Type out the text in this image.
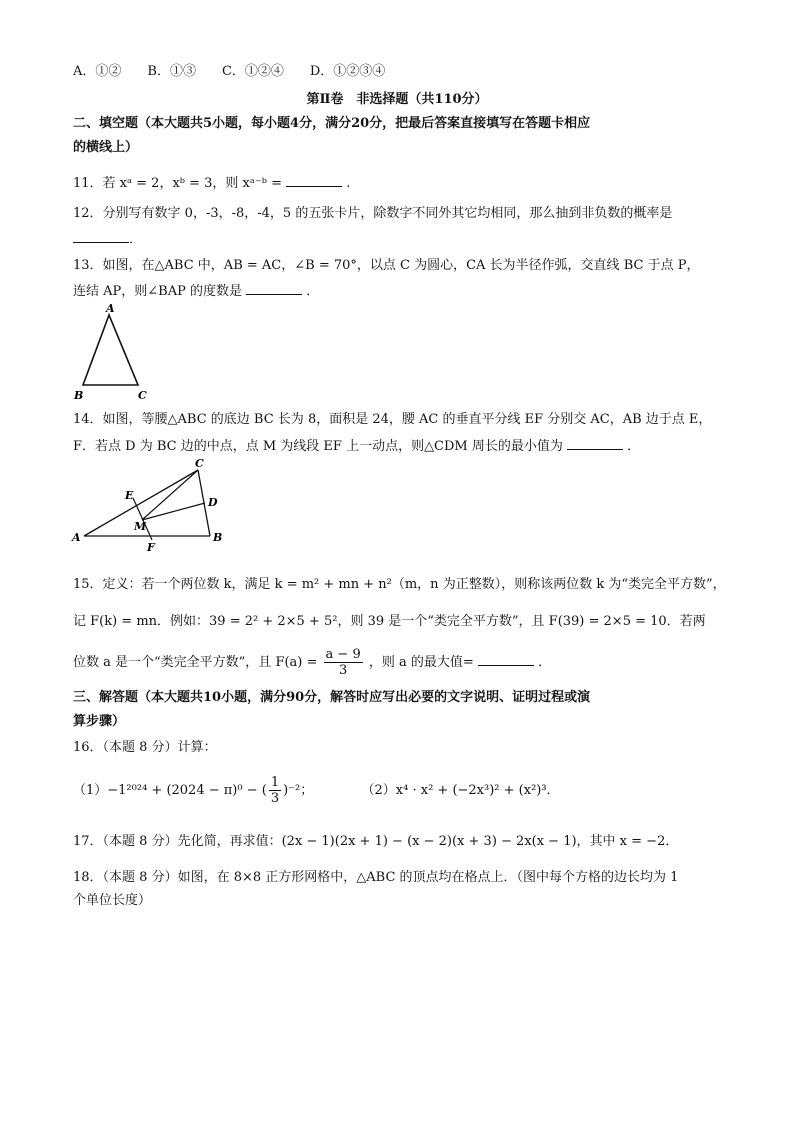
A．①②　　B．①③　　C．①②④　　D．①②③④
第Ⅱ卷　非选择题（共110分）
二、填空题（本大题共5小题，每小题4分，满分20分，把最后答案直接填写在答题卡相应
的横线上）
11．若 xᵃ = 2，xᵇ = 3，则 xᵃ⁻ᵇ =	.
12．分别写有数字 0，-3，-8，-4，5 的五张卡片，除数字不同外其它均相同，那么抽到非负数的概率是
．
13．如图，在△ABC 中，AB = AC，∠B = 70°，以点 C 为圆心，CA 长为半径作弧，交直线 BC 于点 P，
连结 AP，则∠BAP 的度数是	．
A
B	C
14．如图，等腰△ABC 的底边 BC 长为 8，面积是 24，腰 AC 的垂直平分线 EF 分别交 AC，AB 边于点 E，
F．若点 D 为 BC 边的中点，点 M 为线段 EF 上一动点，则△CDM 周长的最小值为	．
A	B
C
D
E
F
M
15．定义：若一个两位数 k，满足 k = m² + mn + n²（m，n 为正整数），则称该两位数 k 为“类完全平方数”，
记 F(k) = mn．例如：39 = 2² + 2×5 + 5²，则 39 是一个“类完全平方数”，且 F(39) = 2×5 = 10．若两
位数 a 是一个“类完全平方数”，且 $F(a) = \frac{a - 9}{3}$ ，则 a 的最大值=	．
三、解答题（本大题共10小题，满分90分，解答时应写出必要的文字说明、证明过程或演
算步骤）
16．（本题 8 分）计算：
（1）−1²⁰²⁴ + (2024 − π)⁰ − ( $\frac{1}{3} )^{-2}$；	（2）x⁴ · x² + (−2x³)² + (x²)³．
17．（本题 8 分）先化简，再求值：(2x − 1)(2x + 1) − (x − 2)(x + 3) − 2x(x − 1)，其中 x = −2．
18．（本题 8 分）如图，在 8×8 正方形网格中，△ABC 的顶点均在格点上．（图中每个方格的边长均为 1
个单位长度）
